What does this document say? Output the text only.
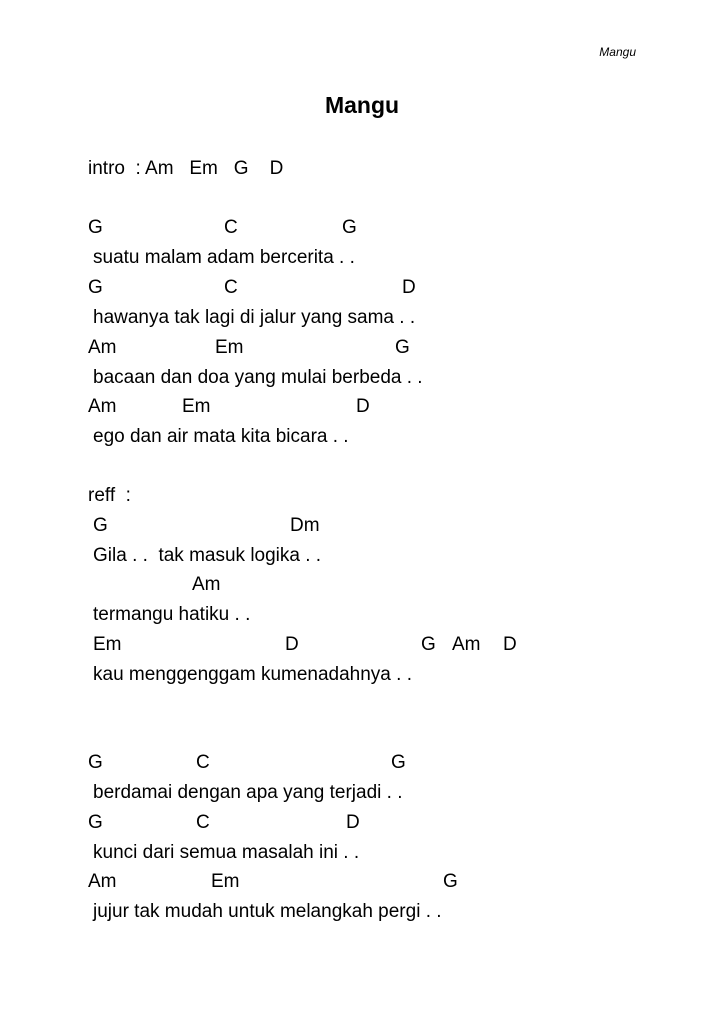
Mangu
Mangu
intro  : Am   Em   G    D

G

	C

	G

suatu malam adam bercerita . .

G

	C

	D

hawanya tak lagi di jalur yang sama . .

Am

	Em

	G

bacaan dan doa yang mulai berbeda . .

Am

	Em

	D

ego dan air mata kita bicara . .
reff  :

G

	Dm

Gila . .  tak masuk logika . .

Am

termangu hatiku . .

Em

	D

	G

Am

D

kau menggenggam kumenadahnya . .

G

	C

	G

berdamai dengan apa yang terjadi . .

G

	C

	D

kunci dari semua masalah ini . .

Am

	Em

	G

jujur tak mudah untuk melangkah pergi . .
